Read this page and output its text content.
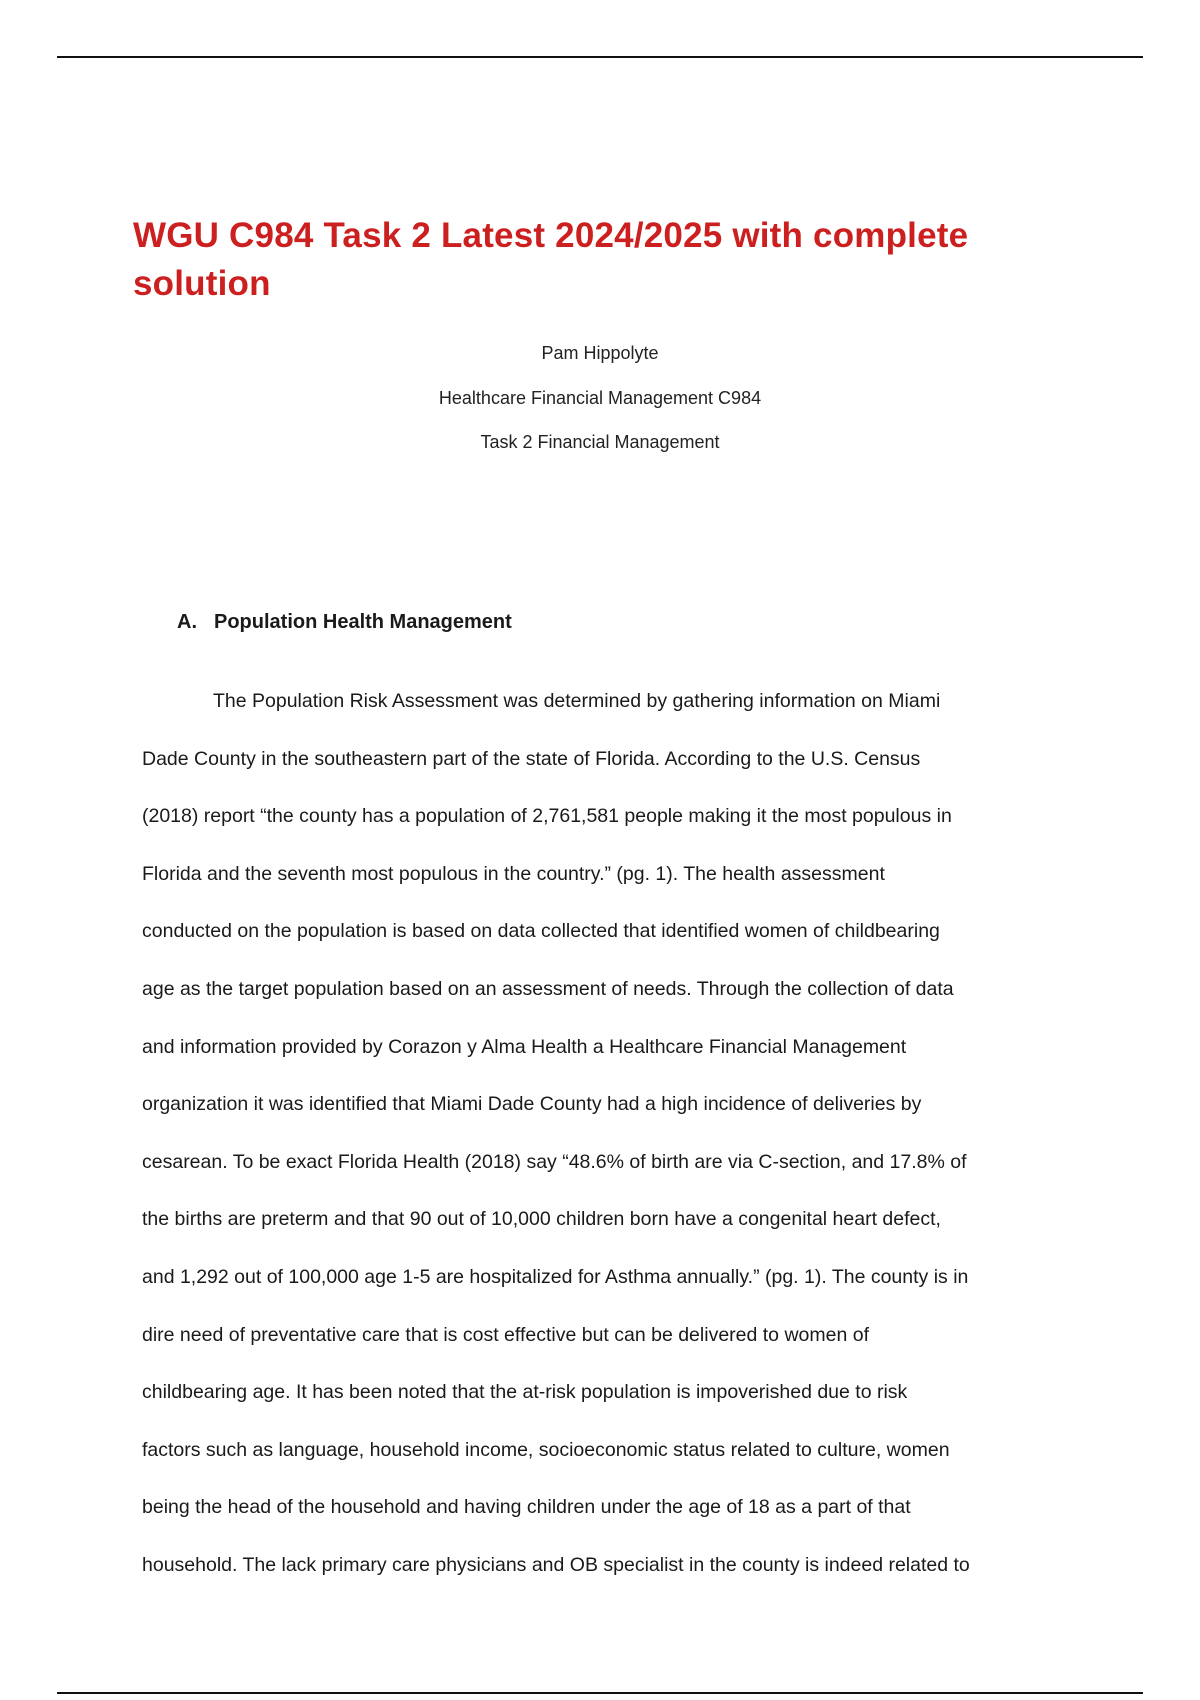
WGU C984 Task 2 Latest 2024/2025 with complete solution

Pam Hippolyte

Healthcare Financial Management C984

Task 2 Financial Management

A. Population Health Management
The Population Risk Assessment was determined by gathering information on Miami
Dade County in the southeastern part of the state of Florida. According to the U.S. Census
(2018) report “the county has a population of 2,761,581 people making it the most populous in
Florida and the seventh most populous in the country.” (pg. 1). The health assessment
conducted on the population is based on data collected that identified women of childbearing
age as the target population based on an assessment of needs. Through the collection of data
and information provided by Corazon y Alma Health a Healthcare Financial Management
organization it was identified that Miami Dade County had a high incidence of deliveries by
cesarean. To be exact Florida Health (2018) say “48.6% of birth are via C-section, and 17.8% of
the births are preterm and that 90 out of 10,000 children born have a congenital heart defect,
and 1,292 out of 100,000 age 1-5 are hospitalized for Asthma annually.” (pg. 1). The county is in
dire need of preventative care that is cost effective but can be delivered to women of
childbearing age. It has been noted that the at-risk population is impoverished due to risk
factors such as language, household income, socioeconomic status related to culture, women
being the head of the household and having children under the age of 18 as a part of that
household. The lack primary care physicians and OB specialist in the county is indeed related to
